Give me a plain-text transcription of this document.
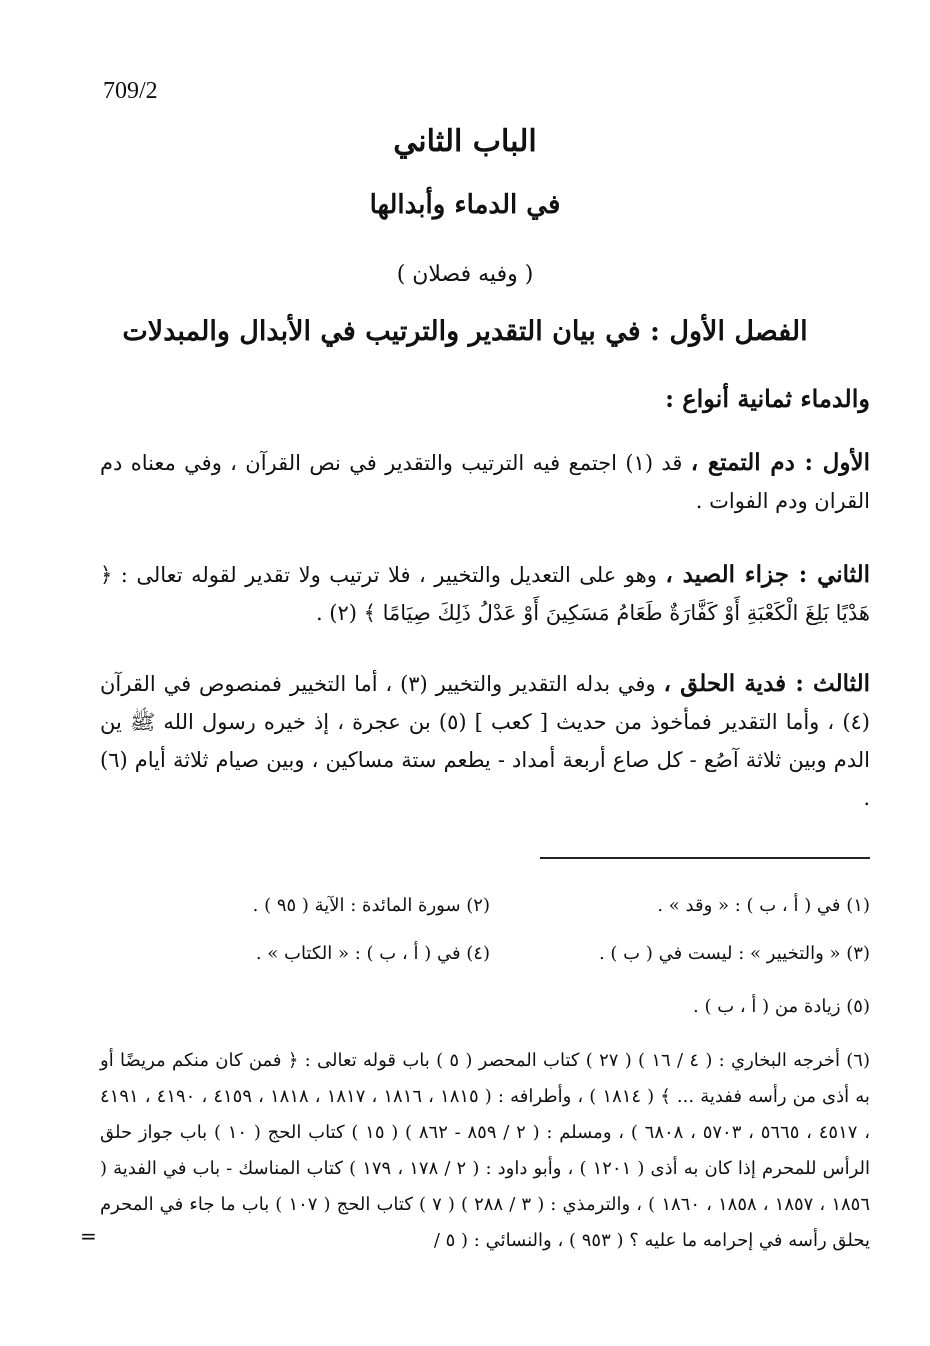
709/2
الباب الثاني
في الدماء وأبدالها
( وفيه فصلان )
الفصل الأول : في بيان التقدير والترتيب في الأبدال والمبدلات
والدماء ثمانية أنواع :
الأول : دم التمتع ، قد (١) اجتمع فيه الترتيب والتقدير في نص القرآن ، وفي معناه دم القران ودم الفوات .
الثاني : جزاء الصيد ، وهو على التعديل والتخيير ، فلا ترتيب ولا تقدير لقوله تعالى : ﴿ هَدْيًا بَلِغَ الْكَعْبَةِ أَوْ كَفَّارَةٌ طَعَامُ مَسَكِينَ أَوْ عَدْلُ ذَلِكَ صِيَامًا ﴾ (٢) .
الثالث : فدية الحلق ، وفي بدله التقدير والتخيير (٣) ، أما التخيير فمنصوص في القرآن (٤) ، وأما التقدير فمأخوذ من حديث [ كعب ] (٥) بن عجرة ، إذ خيره رسول الله ﷺ ين الدم وبين ثلاثة آصُع - كل صاع أربعة أمداد - يطعم ستة مساكين ، وبين صيام ثلاثة أيام (٦) .
(١) في ( أ ، ب ) : « وقد » .(٢) سورة المائدة : الآية ( ٩٥ ) .
(٣) « والتخيير » : ليست في ( ب ) .(٤) في ( أ ، ب ) : « الكتاب » .
(٥) زيادة من ( أ ، ب ) .
(٦) أخرجه البخاري : ( ٤ / ١٦ ) ( ٢٧ ) كتاب المحصر ( ٥ ) باب قوله تعالى : ﴿ فمن كان منكم مريضًا أو به أذى من رأسه ففدية ... ﴾ ( ١٨١٤ ) ، وأطرافه : ( ١٨١٥ ، ١٨١٦ ، ١٨١٧ ، ١٨١٨ ، ٤١٥٩ ، ٤١٩٠ ، ٤١٩١ ، ٤٥١٧ ، ٥٦٦٥ ، ٥٧٠٣ ، ٦٨٠٨ ) ، ومسلم : ( ٢ / ٨٥٩ - ٨٦٢ ) ( ١٥ ) كتاب الحج ( ١٠ ) باب جواز حلق الرأس للمحرم إذا كان به أذى ( ١٢٠١ ) ، وأبو داود : ( ٢ / ١٧٨ ، ١٧٩ ) كتاب المناسك - باب في الفدية ( ١٨٥٦ ، ١٨٥٧ ، ١٨٥٨ ، ١٨٦٠ ) ، والترمذي : ( ٣ / ٢٨٨ ) ( ٧ ) كتاب الحج ( ١٠٧ ) باب ما جاء في المحرم يحلق رأسه في إحرامه ما عليه ؟ ( ٩٥٣ ) ، والنسائي : ( ٥ /
=
